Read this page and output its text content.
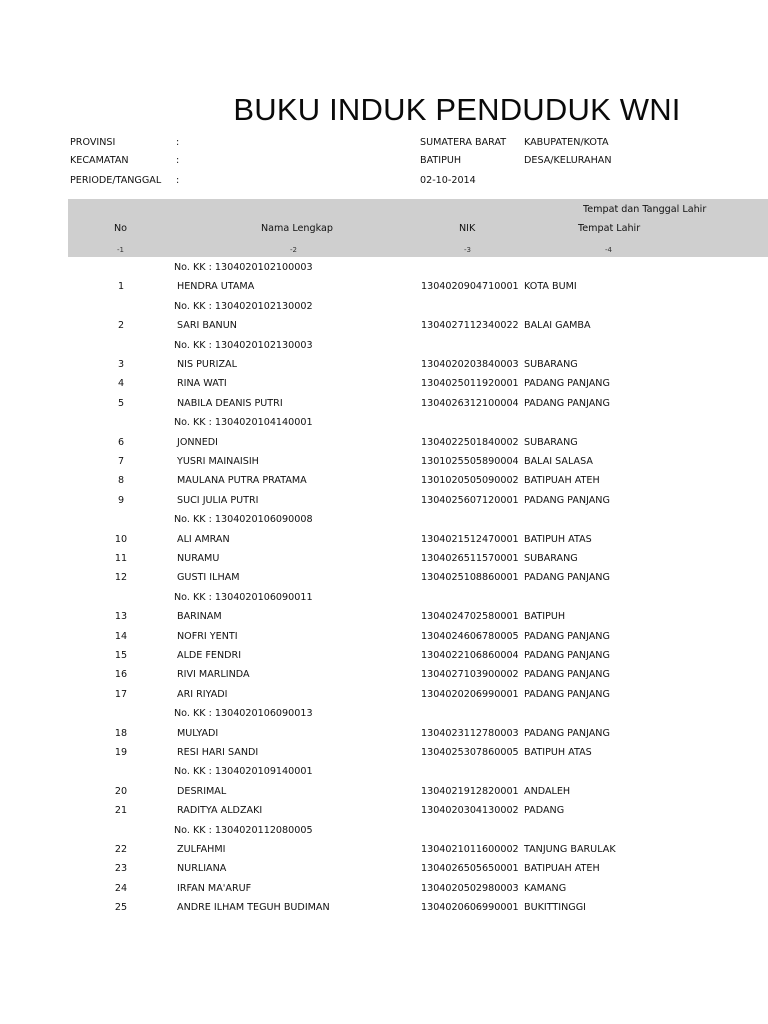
BUKU INDUK PENDUDUK WNI
PROVINSI	:	SUMATERA BARAT KABUPATEN/KOTA
KECAMATAN	:	BATIPUH	DESA/KELURAHAN
PERIODE/TANGGAL :	02-10-2014
Tempat dan Tanggal Lahir
No	Nama Lengkap	NIK	Tempat Lahir
-1	-2	-3	-4
No. KK : 1304020102100003
1	HENDRA UTAMA	1304020904710001 KOTA BUMI
No. KK : 1304020102130002
2	SARI BANUN	1304027112340022 BALAI GAMBA
No. KK : 1304020102130003
3	NIS PURIZAL	1304020203840003 SUBARANG
4	RINA WATI	1304025011920001 PADANG PANJANG
5	NABILA DEANIS PUTRI	1304026312100004 PADANG PANJANG
No. KK : 1304020104140001
6	JONNEDI	1304022501840002 SUBARANG
7	YUSRI MAINAISIH	1301025505890004 BALAI SALASA
8	MAULANA PUTRA PRATAMA	1301020505090002 BATIPUAH ATEH
9	SUCI JULIA PUTRI	1304025607120001 PADANG PANJANG
No. KK : 1304020106090008
10	ALI AMRAN	1304021512470001 BATIPUH ATAS
11	NURAMU	1304026511570001 SUBARANG
12	GUSTI ILHAM	1304025108860001 PADANG PANJANG
No. KK : 1304020106090011
13	BARINAM	1304024702580001 BATIPUH
14	NOFRI YENTI	1304024606780005 PADANG PANJANG
15	ALDE FENDRI	1304022106860004 PADANG PANJANG
16	RIVI MARLINDA	1304027103900002 PADANG PANJANG
17	ARI RIYADI	1304020206990001 PADANG PANJANG
No. KK : 1304020106090013
18	MULYADI	1304023112780003 PADANG PANJANG
19	RESI HARI SANDI	1304025307860005 BATIPUH ATAS
No. KK : 1304020109140001
20	DESRIMAL	1304021912820001 ANDALEH
21	RADITYA ALDZAKI	1304020304130002 PADANG
No. KK : 1304020112080005
22	ZULFAHMI	1304021011600002 TANJUNG BARULAK
23	NURLIANA	1304026505650001 BATIPUAH ATEH
24	IRFAN MA'ARUF	1304020502980003 KAMANG
25	ANDRE ILHAM TEGUH BUDIMAN	1304020606990001 BUKITTINGGI
